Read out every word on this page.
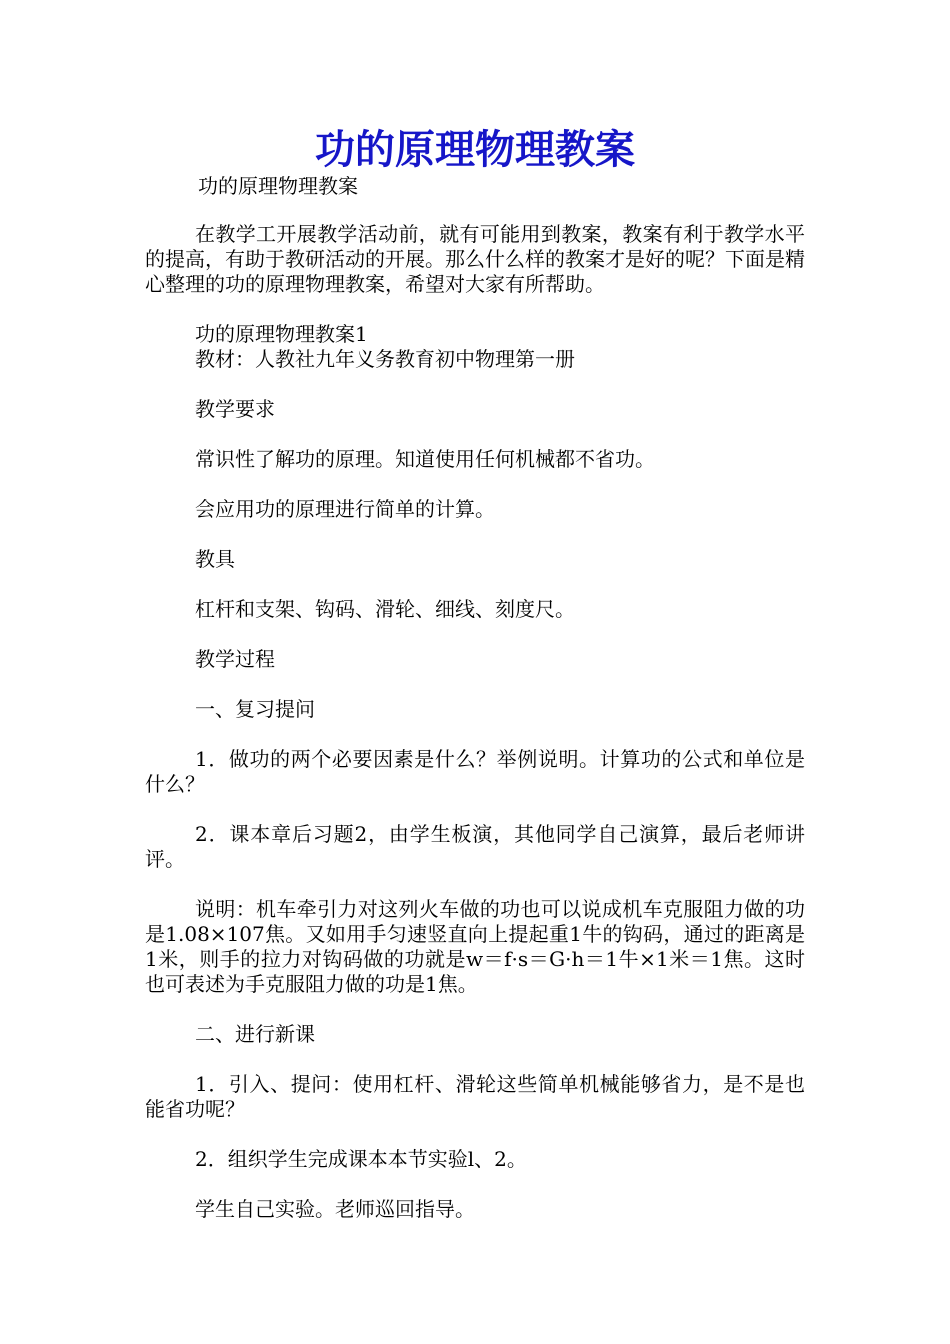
功的原理物理教案

功的原理物理教案

在教学工开展教学活动前，就有可能用到教案，教案有利于教学水平的提高，有助于教研活动的开展。那么什么样的教案才是好的呢？下面是精心整理的功的原理物理教案，希望对大家有所帮助。

功的原理物理教案1

教材：人教社九年义务教育初中物理第一册

教学要求

常识性了解功的原理。知道使用任何机械都不省功。

会应用功的原理进行简单的计算。

教具

杠杆和支架、钩码、滑轮、细线、刻度尺。

教学过程

一、复习提问

1．做功的两个必要因素是什么？举例说明。计算功的公式和单位是什么？

2．课本章后习题2，由学生板演，其他同学自己演算，最后老师讲评。

说明：机车牵引力对这列火车做的功也可以说成机车克服阻力做的功是1.08×107焦。又如用手匀速竖直向上提起重1牛的钩码，通过的距离是1米，则手的拉力对钩码做的功就是w＝f·s＝G·h＝1牛×1米＝1焦。这时也可表述为手克服阻力做的功是1焦。

二、进行新课

1．引入、提问：使用杠杆、滑轮这些简单机械能够省力，是不是也能省功呢？

2．组织学生完成课本本节实验l、2。

学生自己实验。老师巡回指导。
